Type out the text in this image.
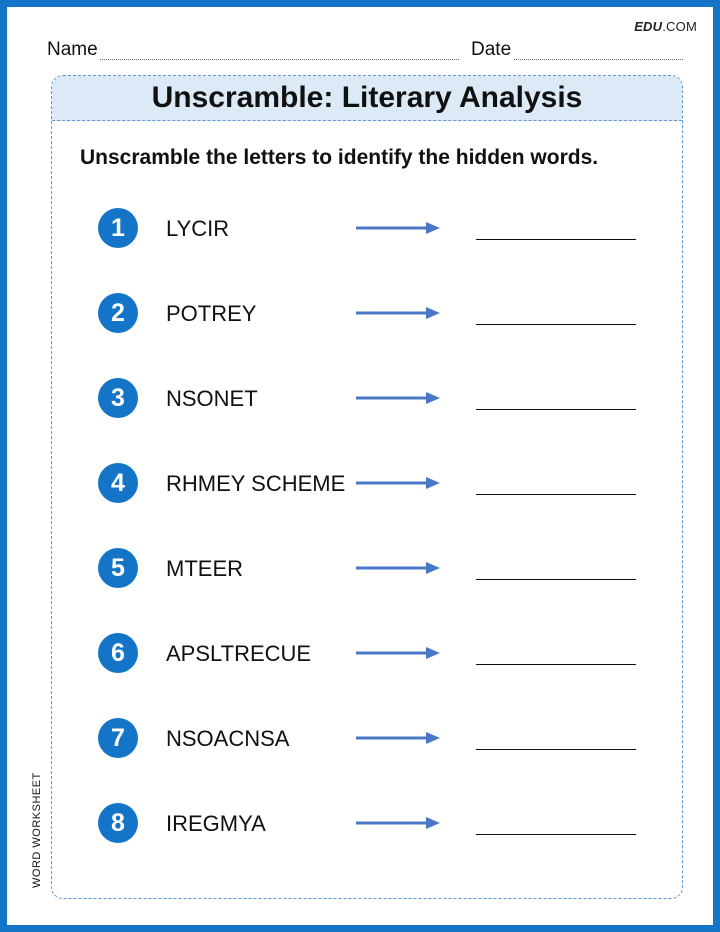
EDU.COM
Name	Date
Unscramble: Literary Analysis
Unscramble the letters to identify the hidden words.
1	LYCIR
2	POTREY
3	NSONET
4	RHMEY SCHEME
5	MTEER
6	APSLTRECUE
7	NSOACNSA
8	IREGMYA
WORD WORKSHEET
